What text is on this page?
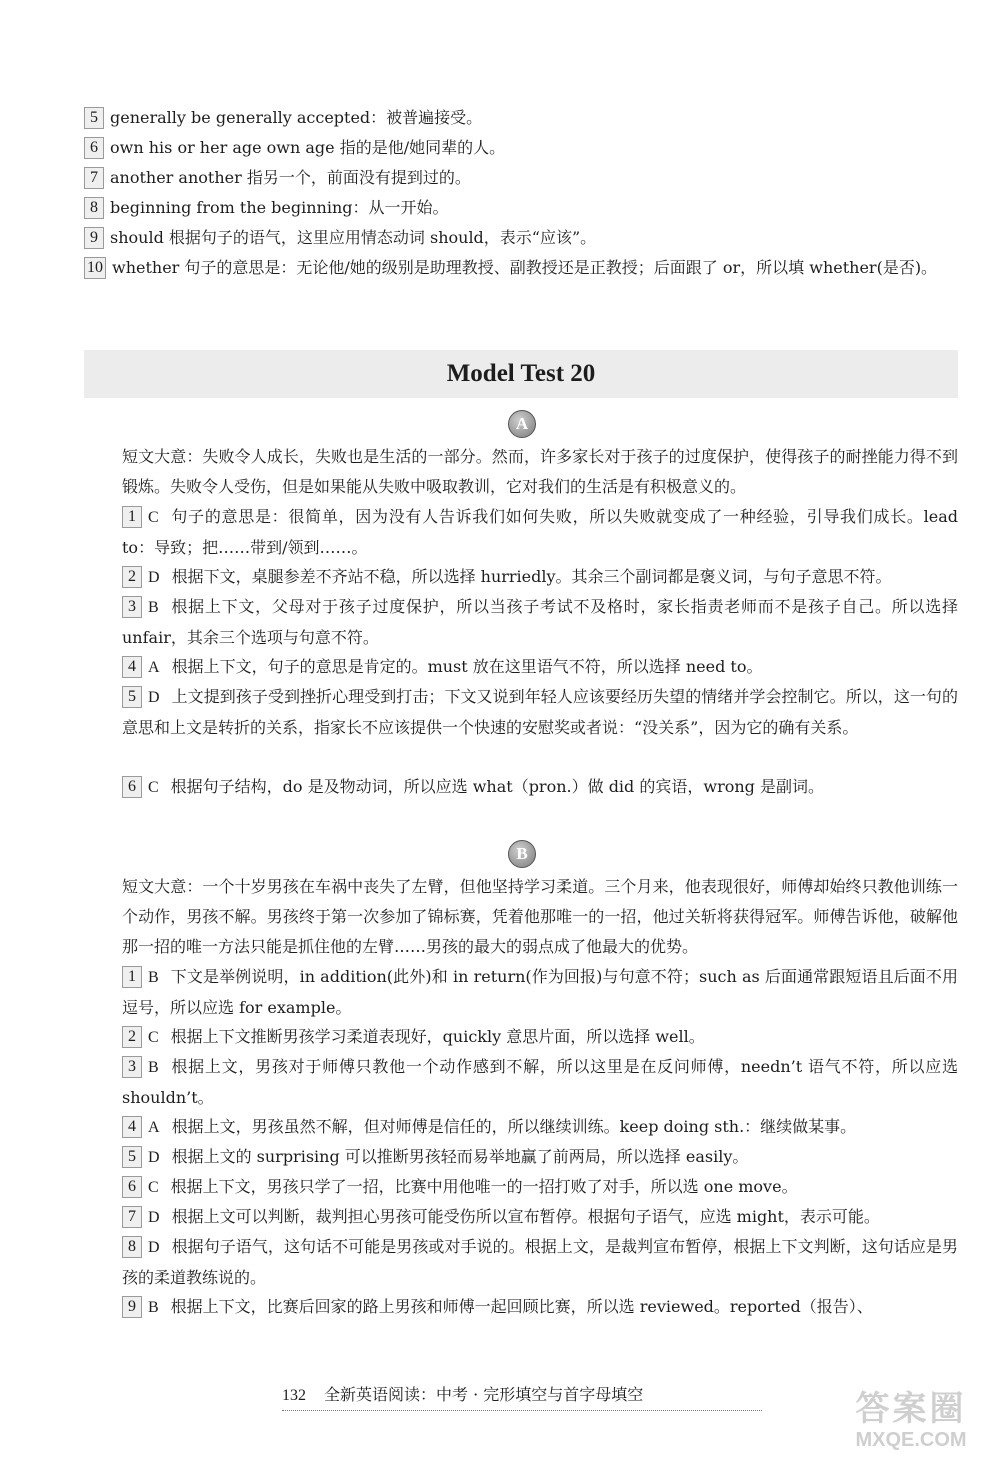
5 generally be generally accepted：被普遍接受。
6 own his or her age own age 指的是他/她同辈的人。
7 another another 指另一个，前面没有提到过的。
8 beginning from the beginning：从一开始。
9 should 根据句子的语气，这里应用情态动词 should，表示“应该”。
10 whether 句子的意思是：无论他/她的级别是助理教授、副教授还是正教授；后面跟了 or，所以填 whether(是否)。
Model Test 20
A
短文大意：失败令人成长，失败也是生活的一部分。然而，许多家长对于孩子的过度保护，使得孩子的耐挫能力得不到锻炼。失败令人受伤，但是如果能从失败中吸取教训，它对我们的生活是有积极意义的。
1 C 句子的意思是：很简单，因为没有人告诉我们如何失败，所以失败就变成了一种经验，引导我们成长。lead to：导致；把……带到/领到……。
2 D 根据下文，桌腿参差不齐站不稳，所以选择 hurriedly。其余三个副词都是褒义词，与句子意思不符。
3 B 根据上下文，父母对于孩子过度保护，所以当孩子考试不及格时，家长指责老师而不是孩子自己。所以选择 unfair，其余三个选项与句意不符。
4 A 根据上下文，句子的意思是肯定的。must 放在这里语气不符，所以选择 need to。
5 D 上文提到孩子受到挫折心理受到打击；下文又说到年轻人应该要经历失望的情绪并学会控制它。所以，这一句的意思和上文是转折的关系，指家长不应该提供一个快速的安慰奖或者说：“没关系”，因为它的确有关系。
6 C 根据句子结构，do 是及物动词，所以应选 what（pron.）做 did 的宾语，wrong 是副词。
B
短文大意：一个十岁男孩在车祸中丧失了左臂，但他坚持学习柔道。三个月来，他表现很好，师傅却始终只教他训练一个动作，男孩不解。男孩终于第一次参加了锦标赛，凭着他那唯一的一招，他过关斩将获得冠军。师傅告诉他，破解他那一招的唯一方法只能是抓住他的左臂……男孩的最大的弱点成了他最大的优势。
1 B 下文是举例说明，in addition(此外)和 in return(作为回报)与句意不符；such as 后面通常跟短语且后面不用逗号，所以应选 for example。
2 C 根据上下文推断男孩学习柔道表现好，quickly 意思片面，所以选择 well。
3 B 根据上文，男孩对于师傅只教他一个动作感到不解，所以这里是在反问师傅，needn’t 语气不符，所以应选 shouldn’t。
4 A 根据上文，男孩虽然不解，但对师傅是信任的，所以继续训练。keep doing sth.：继续做某事。
5 D 根据上文的 surprising 可以推断男孩轻而易举地赢了前两局，所以选择 easily。
6 C 根据上下文，男孩只学了一招，比赛中用他唯一的一招打败了对手，所以选 one move。
7 D 根据上文可以判断，裁判担心男孩可能受伤所以宣布暂停。根据句子语气，应选 might，表示可能。
8 D 根据句子语气，这句话不可能是男孩或对手说的。根据上文，是裁判宣布暂停，根据上下文判断，这句话应是男孩的柔道教练说的。
9 B 根据上下文，比赛后回家的路上男孩和师傅一起回顾比赛，所以选 reviewed。reported（报告）、
132 全新英语阅读：中考 · 完形填空与首字母填空	答案圈
MXQE.COM
